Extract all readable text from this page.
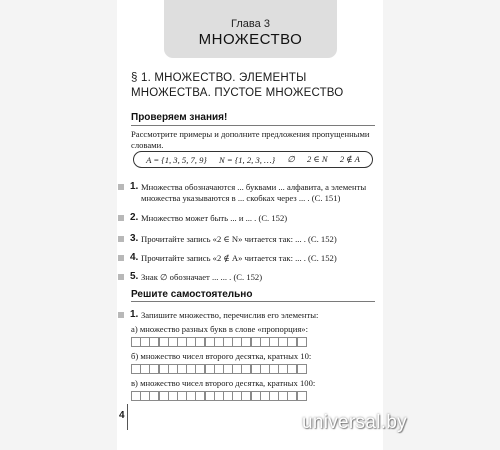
Глава 3
МНОЖЕСТВО
§ 1. МНОЖЕСТВО. ЭЛЕМЕНТЫ
МНОЖЕСТВА. ПУСТОЕ МНОЖЕСТВО
Проверяем знания!
Рассмотрите примеры и дополните предложения пропущенными словами.
A = {1, 3, 5, 7, 9} N = {1, 2, 3, …} ∅ 2 ∈ N 2 ∉ A
1. Множества обозначаются ... буквами ... алфавита, а элементы множества указываются в ... скобках через ... . (С. 151)
2. Множество может быть ... и ... . (С. 152)
3. Прочитайте запись «2 ∈ N» читается так: ... . (С. 152)
4. Прочитайте запись «2 ∉ A» читается так: ... . (С. 152)
5. Знак ∅ обозначает ... ... . (С. 152)
Решите самостоятельно
1. Запишите множество, перечислив его элементы:
а) множество разных букв в слове «пропорция»:
б) множество чисел второго десятка, кратных 10:
в) множество чисел второго десятка, кратных 100:
4	universal.by
